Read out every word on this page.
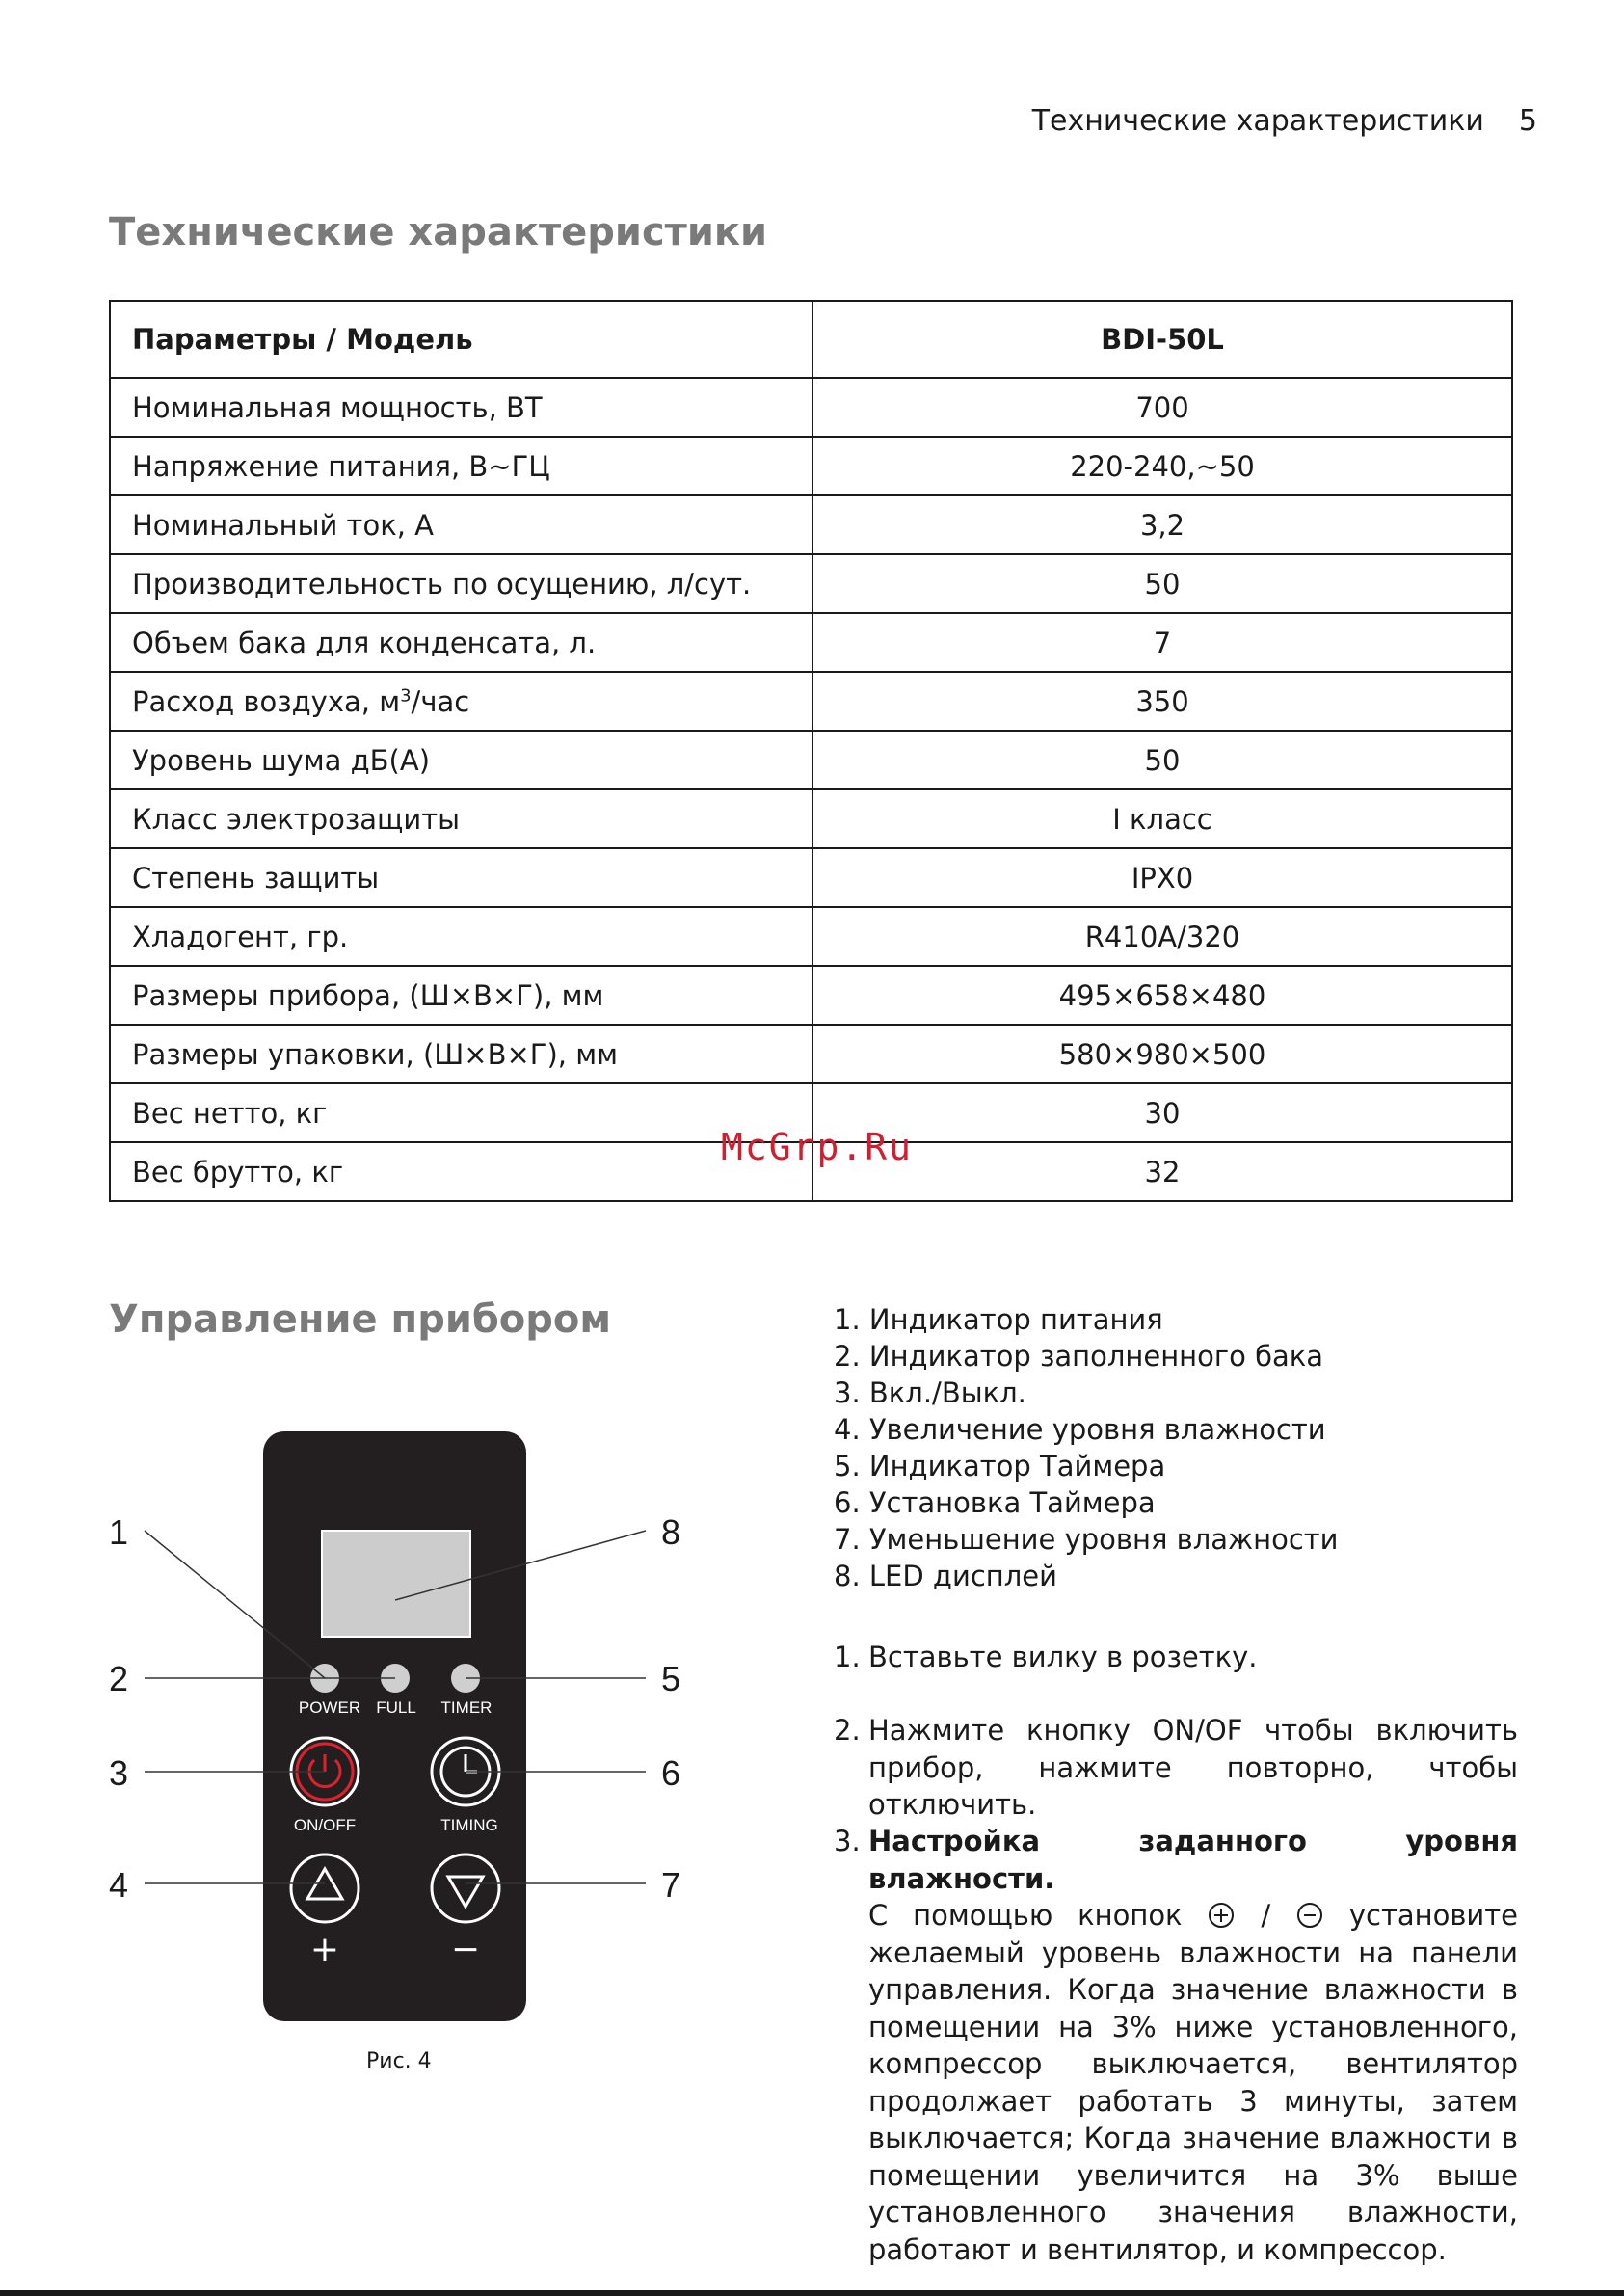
Технические характеристики 5
Технические характеристики
Параметры / Модель	BDI-50L
Номинальная мощность, ВТ	700
Напряжение питания, В~ГЦ	220-240,~50
Номинальный ток, А	3,2
Производительность по осущению, л/сут.	50
Объем бака для конденсата, л.	7
Расход воздуха, $м^3$/час	350
Уровень шума дБ(А)	50
Класс электрозащиты	I класс
Степень защиты	IPX0
Хладогент, гр.	R410A/320
Размеры прибора, (Ш×В×Г), мм	495×658×480
Размеры упаковки, (Ш×В×Г), мм	580×980×500
Вес нетто, кг	30
Вес брутто, кг	32
McGrp.Ru
Управление прибором
POWER FULL TIMER
ON/OFF	TIMING
+	−
1
2
3
4
5
6
7
8
Рис. 4
1. Индикатор питания
2. Индикатор заполненного бака
3. Вкл./Выкл.
4. Увеличение уровня влажности
5. Индикатор Таймера
6. Установка Таймера
7. Уменьшение уровня влажности
8. LED дисплей
1. Вставьте вилку в розетку.
2. Нажмите кнопку ON/OF чтобы включить прибор, нажмите повторно, чтобы отключить.
3. Настройка заданного уровня влажности.
С помощью кнопок	/	установите желаемый уровень влажности на панели управления. Когда значение влажности в помещении на 3% ниже установленного, компрессор выключается, вентилятор продолжает работать 3 минуты, затем выключается; Когда значение влажности в помещении увеличится на 3% выше установленного значения влажности, работают и вентилятор, и компрессор.
